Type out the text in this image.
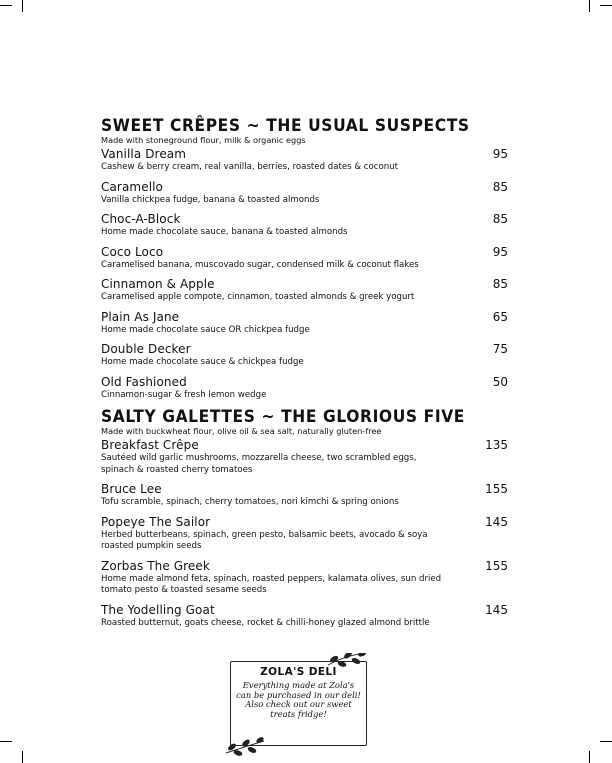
SWEET CRÊPES ~ THE USUAL SUSPECTS
Made with stoneground flour, milk & organic eggs
Vanilla Dream
Cashew & berry cream, real vanilla, berries, roasted dates & coconut
95
Caramello
Vanilla chickpea fudge, banana & toasted almonds
85
Choc-A-Block
Home made chocolate sauce, banana & toasted almonds
85
Coco Loco
Caramelised banana, muscovado sugar, condensed milk & coconut flakes
95
Cinnamon & Apple
Caramelised apple compote, cinnamon, toasted almonds & greek yogurt
85
Plain As Jane
Home made chocolate sauce OR chickpea fudge
65
Double Decker
Home made chocolate sauce & chickpea fudge
75
Old Fashioned
Cinnamon-sugar & fresh lemon wedge
50
SALTY GALETTES ~ THE GLORIOUS FIVE
Made with buckwheat flour, olive oil & sea salt, naturally gluten-free
Breakfast Crêpe
Sautéed wild garlic mushrooms, mozzarella cheese, two scrambled eggs, spinach & roasted cherry tomatoes
135
Bruce Lee
Tofu scramble, spinach, cherry tomatoes, nori kimchi & spring onions
155
Popeye The Sailor
Herbed butterbeans, spinach, green pesto, balsamic beets, avocado & soya roasted pumpkin seeds
145
Zorbas The Greek
Home made almond feta, spinach, roasted peppers, kalamata olives, sun dried tomato pesto & toasted sesame seeds
155
The Yodelling Goat
Roasted butternut, goats cheese, rocket & chilli-honey glazed almond brittle
145
ZOLA'S DELI
Everything made at Zola's
can be purchased in our deli!
Also check out our sweet
treats fridge!
